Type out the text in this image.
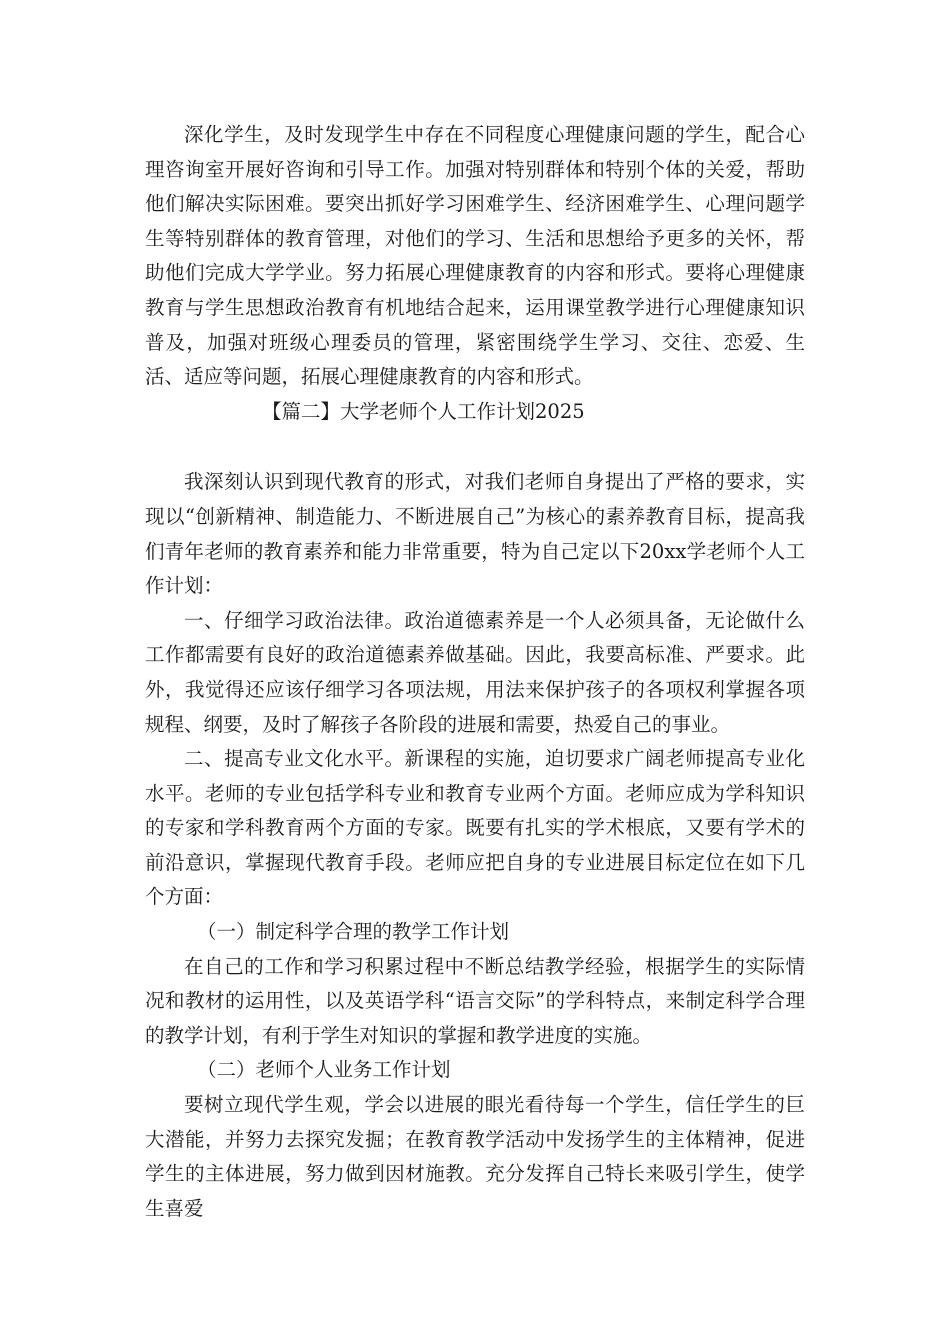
深化学生，及时发现学生中存在不同程度心理健康问题的学生，配合心理咨询室开展好咨询和引导工作。加强对特别群体和特别个体的关爱，帮助他们解决实际困难。要突出抓好学习困难学生、经济困难学生、心理问题学生等特别群体的教育管理，对他们的学习、生活和思想给予更多的关怀，帮助他们完成大学学业。努力拓展心理健康教育的内容和形式。要将心理健康教育与学生思想政治教育有机地结合起来，运用课堂教学进行心理健康知识普及，加强对班级心理委员的管理，紧密围绕学生学习、交往、恋爱、生活、适应等问题，拓展心理健康教育的内容和形式。

【篇二】大学老师个人工作计划2025

我深刻认识到现代教育的形式，对我们老师自身提出了严格的要求，实现以“创新精神、制造能力、不断进展自己”为核心的素养教育目标，提高我们青年老师的教育素养和能力非常重要，特为自己定以下20xx学老师个人工作计划：

一、仔细学习政治法律。政治道德素养是一个人必须具备，无论做什么工作都需要有良好的政治道德素养做基础。因此，我要高标准、严要求。此外，我觉得还应该仔细学习各项法规，用法来保护孩子的各项权利掌握各项规程、纲要，及时了解孩子各阶段的进展和需要，热爱自己的事业。

二、提高专业文化水平。新课程的实施，迫切要求广阔老师提高专业化水平。老师的专业包括学科专业和教育专业两个方面。老师应成为学科知识的专家和学科教育两个方面的专家。既要有扎实的学术根底，又要有学术的前沿意识，掌握现代教育手段。老师应把自身的专业进展目标定位在如下几个方面：

（一）制定科学合理的教学工作计划

在自己的工作和学习积累过程中不断总结教学经验，根据学生的实际情况和教材的运用性，以及英语学科“语言交际”的学科特点，来制定科学合理的教学计划，有利于学生对知识的掌握和教学进度的实施。

（二）老师个人业务工作计划

要树立现代学生观，学会以进展的眼光看待每一个学生，信任学生的巨大潜能，并努力去探究发掘；在教育教学活动中发扬学生的主体精神，促进学生的主体进展，努力做到因材施教。充分发挥自己特长来吸引学生，使学生喜爱
